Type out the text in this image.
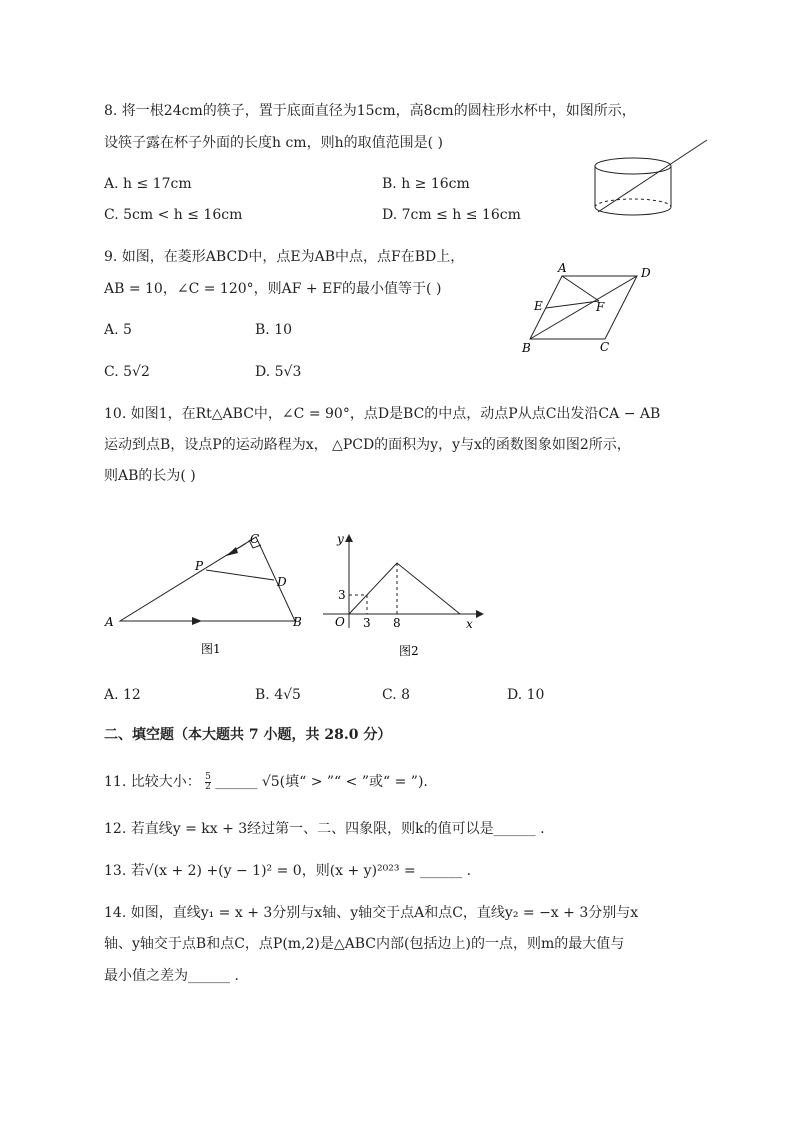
8. 将一根24cm的筷子，置于底面直径为15cm，高8cm的圆柱形水杯中，如图所示，
设筷子露在杯子外面的长度h cm，则h的取值范围是( )
A. h ≤ 17cm	B. h ≥ 16cm
C. 5cm < h ≤ 16cm	D. 7cm ≤ h ≤ 16cm
9. 如图，在菱形ABCD中，点E为AB中点，点F在BD上，
AB = 10，∠C = 120°，则AF + EF的最小值等于( )
A. 5	B. 10
C. 5√2	D. 5√3
A	D
E	F
B	C
10. 如图1，在Rt△ABC中，∠C = 90°，点D是BC的中点，动点P从点C出发沿CA − AB
运动到点B，设点P的运动路程为x， △PCD的面积为y，y与x的函数图象如图2所示，
则AB的长为( )
A
C
P
D
B
图1
y
x
O
3
3 8
图2
A. 12	B. 4√5	C. 8	D. 10
二、填空题（本大题共 7 小题，共 28.0 分）
11. 比较大小： $\frac{5}{2}$ ______ √5(填“ > ”“ < ”或“ = ”).
12. 若直线y = kx + 3经过第一、二、四象限，则k的值可以是______ .
13. 若√(x + 2) +(y − 1)² = 0，则(x + y)²⁰²³ = ______ .
14. 如图，直线y₁ = x + 3分别与x轴、y轴交于点A和点C，直线y₂ = −x + 3分别与x
轴、y轴交于点B和点C，点P(m,2)是△ABC内部(包括边上)的一点，则m的最大值与
最小值之差为______ .
